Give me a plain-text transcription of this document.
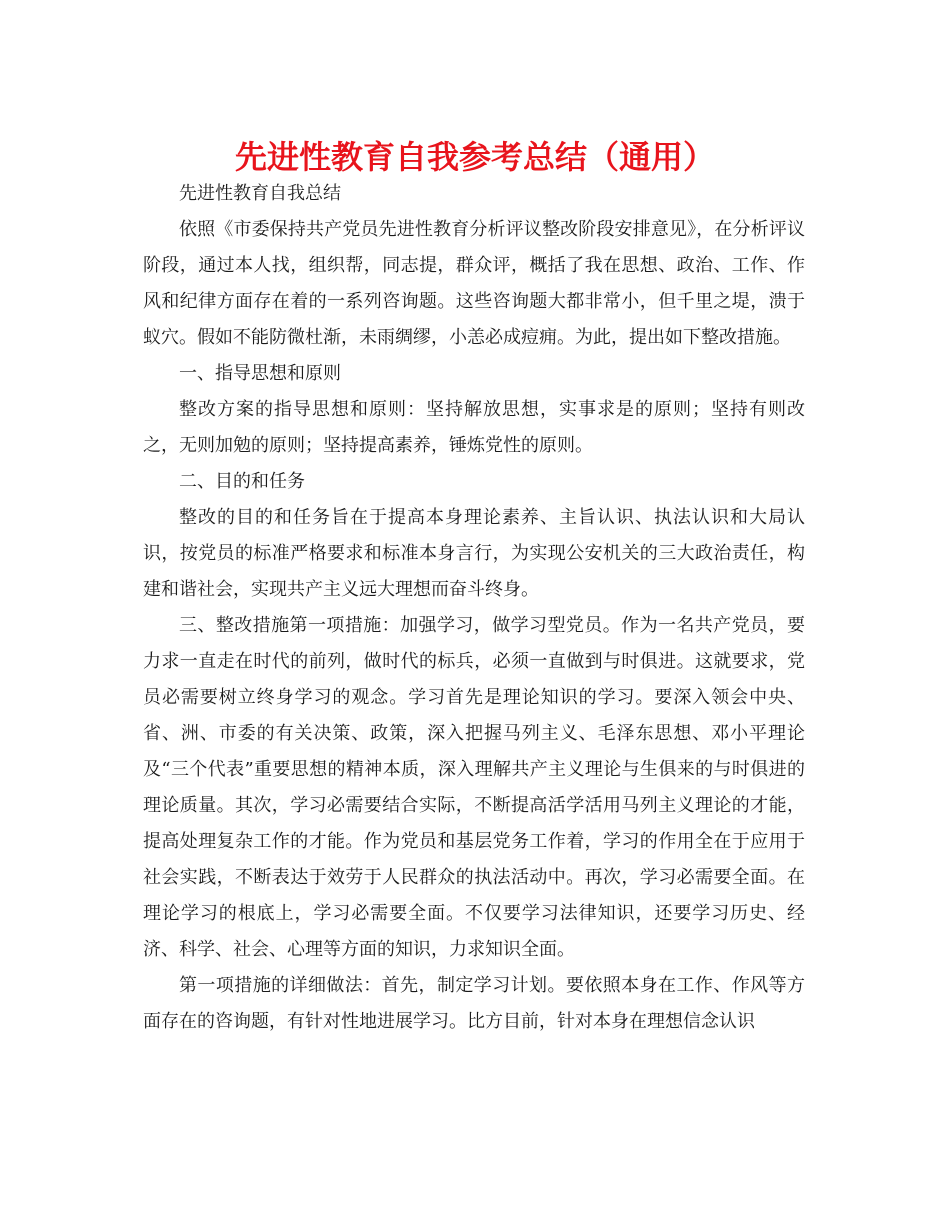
先进性教育自我参考总结（通用）

先进性教育自我总结

依照《市委保持共产党员先进性教育分析评议整改阶段安排意见》，在分析评议阶段，通过本人找，组织帮，同志提，群众评，概括了我在思想、政治、工作、作风和纪律方面存在着的一系列咨询题。这些咨询题大都非常小，但千里之堤，溃于蚁穴。假如不能防微杜渐，未雨绸缪，小恙必成痘痈。为此，提出如下整改措施。

一、指导思想和原则

整改方案的指导思想和原则：坚持解放思想，实事求是的原则；坚持有则改之，无则加勉的原则；坚持提高素养，锤炼党性的原则。

二、目的和任务

整改的目的和任务旨在于提高本身理论素养、主旨认识、执法认识和大局认识，按党员的标准严格要求和标准本身言行，为实现公安机关的三大政治责任，构建和谐社会，实现共产主义远大理想而奋斗终身。

三、整改措施第一项措施：加强学习，做学习型党员。作为一名共产党员，要力求一直走在时代的前列，做时代的标兵，必须一直做到与时俱进。这就要求，党员必需要树立终身学习的观念。学习首先是理论知识的学习。要深入领会中央、省、洲、市委的有关决策、政策，深入把握马列主义、毛泽东思想、邓小平理论及“三个代表”重要思想的精神本质，深入理解共产主义理论与生俱来的与时俱进的理论质量。其次，学习必需要结合实际，不断提高活学活用马列主义理论的才能，提高处理复杂工作的才能。作为党员和基层党务工作着，学习的作用全在于应用于社会实践，不断表达于效劳于人民群众的执法活动中。再次，学习必需要全面。在理论学习的根底上，学习必需要全面。不仅要学习法律知识，还要学习历史、经济、科学、社会、心理等方面的知识，力求知识全面。

第一项措施的详细做法：首先，制定学习计划。要依照本身在工作、作风等方面存在的咨询题，有针对性地进展学习。比方目前，针对本身在理想信念认识
